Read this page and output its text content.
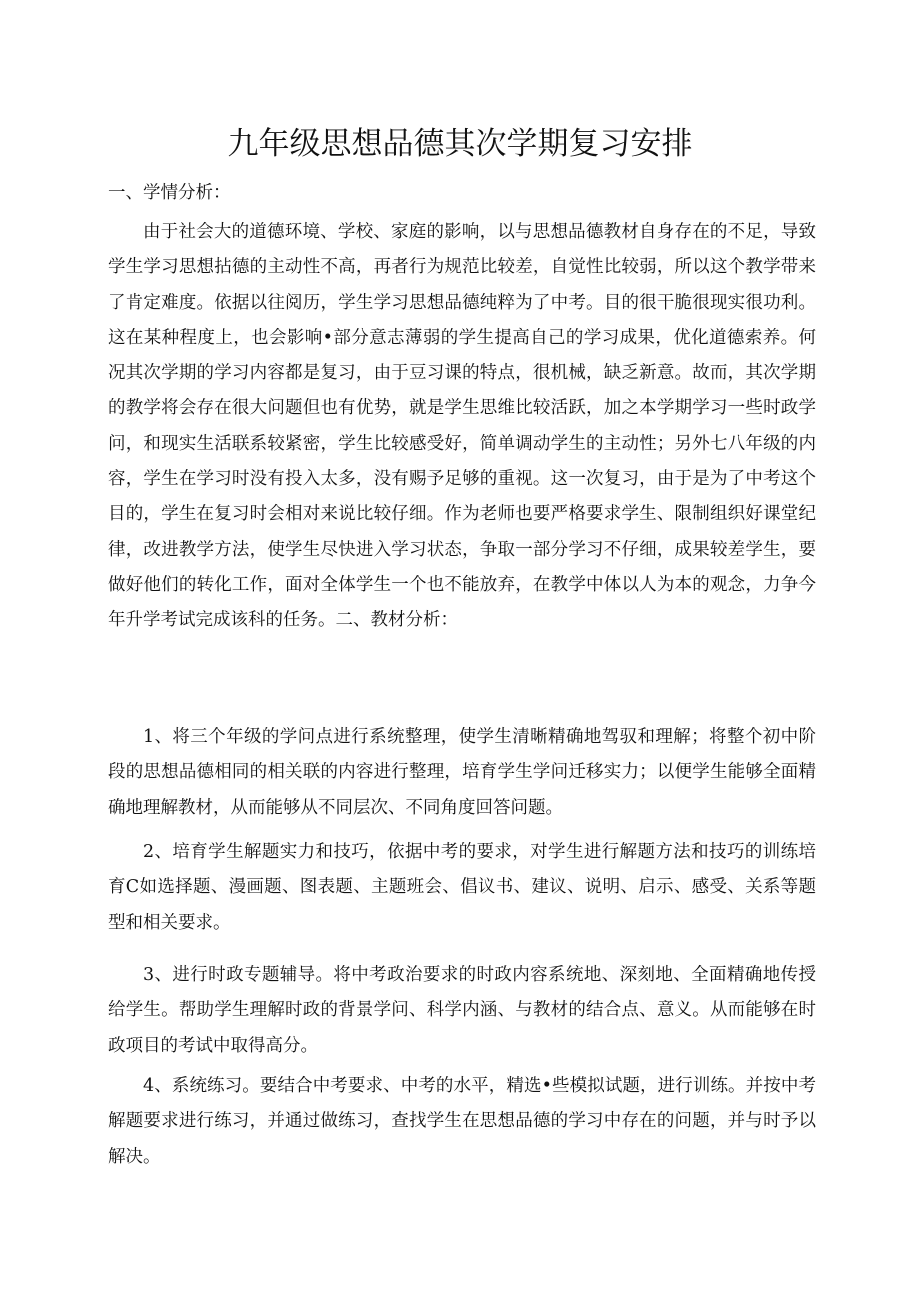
九年级思想品德其次学期复习安排

一、学情分析：

由于社会大的道德环境、学校、家庭的影响，以与思想品德教材自身存在的不足，导致学生学习思想拈德的主动性不高，再者行为规范比较差，自觉性比较弱，所以这个教学带来了肯定难度。依据以往阅历，学生学习思想品德纯粹为了中考。目的很干脆很现实很功利。这在某种程度上，也会影响•部分意志薄弱的学生提高自己的学习成果，优化道德索养。何况其次学期的学习内容都是复习，由于豆习课的特点，很机械，缺乏新意。故而，其次学期的教学将会存在很大问题但也有优势，就是学生思维比较活跃，加之本学期学习一些时政学问，和现实生活联系较紧密，学生比较感受好，简单调动学生的主动性；另外七八年级的内容，学生在学习时没有投入太多，没有赐予足够的重视。这一次复习，由于是为了中考这个目的，学生在复习时会相对来说比较仔细。作为老师也要严格要求学生、限制组织好课堂纪律，改进教学方法，使学生尽快进入学习状态，争取一部分学习不仔细，成果较差学生，要做好他们的转化工作，面对全体学生一个也不能放弃，在教学中体以人为本的观念，力争今年升学考试完成该科的任务。二、教材分析：

1、将三个年级的学问点进行系统整理，使学生清晰精确地驾驭和理解；将整个初中阶段的思想品德相同的相关联的内容进行整理，培育学生学问迁移实力；以便学生能够全面精确地理解教材，从而能够从不同层次、不同角度回答问题。

2、培育学生解题实力和技巧，依据中考的要求，对学生进行解题方法和技巧的训练培育C如选择题、漫画题、图表题、主题班会、倡议书、建议、说明、启示、感受、关系等题型和相关要求。

3、进行时政专题辅导。将中考政治要求的时政内容系统地、深刻地、全面精确地传授给学生。帮助学生理解时政的背景学问、科学内涵、与教材的结合点、意义。从而能够在时政项目的考试中取得高分。

4、系统练习。要结合中考要求、中考的水平，精选•些模拟试题，进行训练。并按中考解题要求进行练习，并通过做练习，查找学生在思想品德的学习中存在的问题，并与时予以解决。
